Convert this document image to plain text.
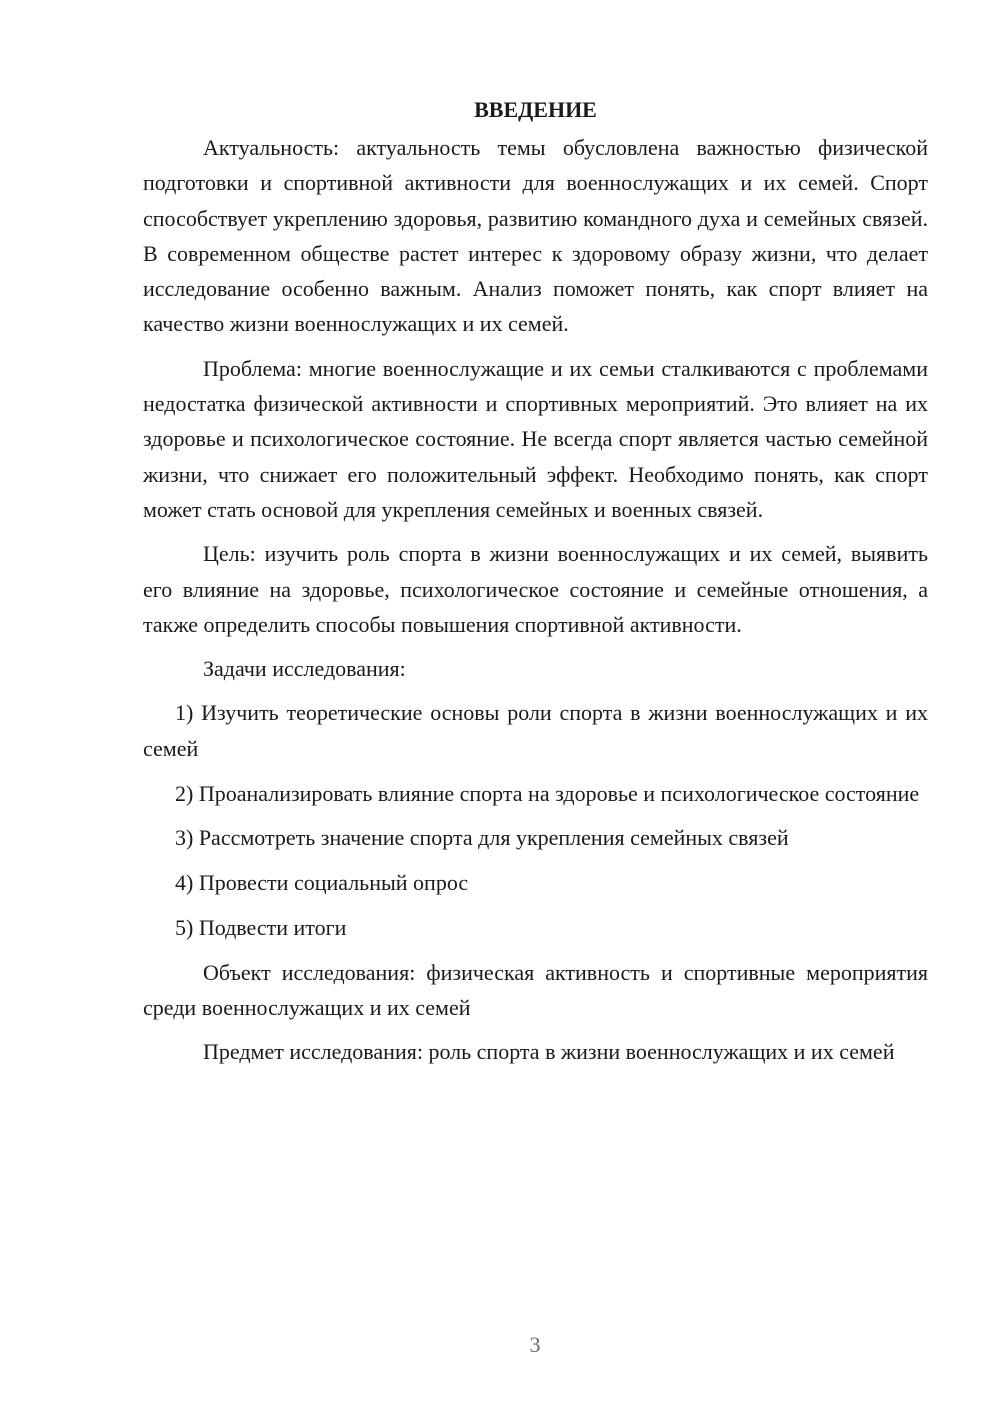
ВВЕДЕНИЕ

Актуальность: актуальность темы обусловлена важностью физической подготовки и спортивной активности для военнослужащих и их семей. Спорт способствует укреплению здоровья, развитию командного духа и семейных связей. В современном обществе растет интерес к здоровому образу жизни, что делает исследование особенно важным. Анализ поможет понять, как спорт влияет на качество жизни военнослужащих и их семей.

Проблема: многие военнослужащие и их семьи сталкиваются с проблемами недостатка физической активности и спортивных мероприятий. Это влияет на их здоровье и психологическое состояние. Не всегда спорт является частью семейной жизни, что снижает его положительный эффект. Необходимо понять, как спорт может стать основой для укрепления семейных и военных связей.

Цель: изучить роль спорта в жизни военнослужащих и их семей, выявить его влияние на здоровье, психологическое состояние и семейные отношения, а также определить способы повышения спортивной активности.

Задачи исследования:

1) Изучить теоретические основы роли спорта в жизни военнослужащих и их семей

2) Проанализировать влияние спорта на здоровье и психологическое состояние

3) Рассмотреть значение спорта для укрепления семейных связей

4) Провести социальный опрос

5) Подвести итоги

Объект исследования: физическая активность и спортивные мероприятия среди военнослужащих и их семей

Предмет исследования: роль спорта в жизни военнослужащих и их семей

3
